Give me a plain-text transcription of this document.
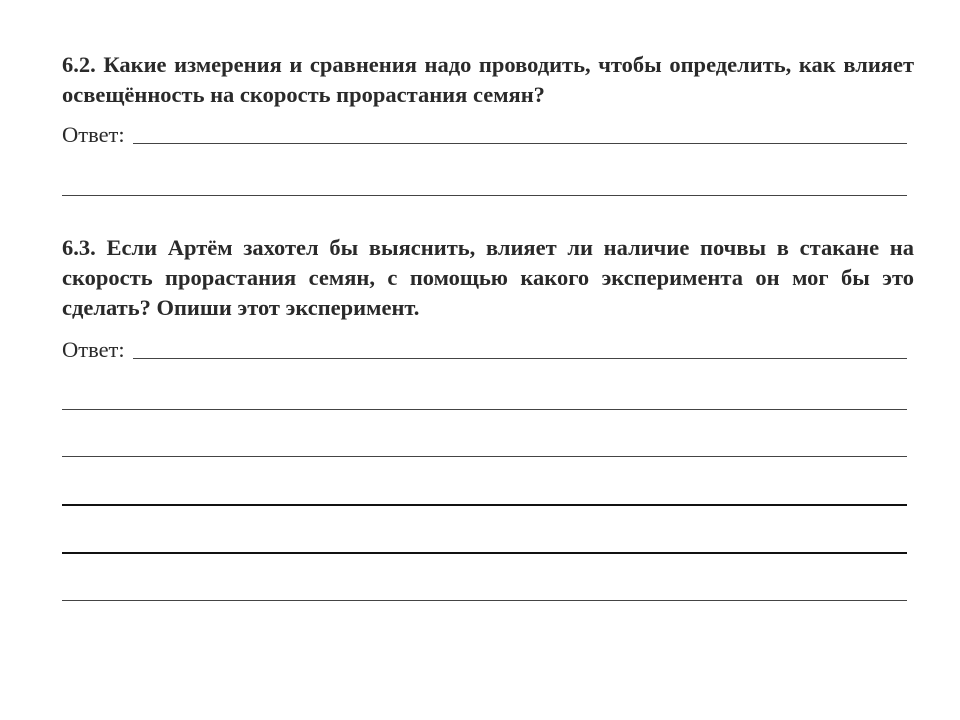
6.2. Какие измерения и сравнения надо проводить, чтобы определить, как влияет освещённость на скорость прорастания семян?
Ответ:
6.3. Если Артём захотел бы выяснить, влияет ли наличие почвы в стакане на скорость прорастания семян, с помощью какого эксперимента он мог бы это сделать? Опиши этот эксперимент.
Ответ:
